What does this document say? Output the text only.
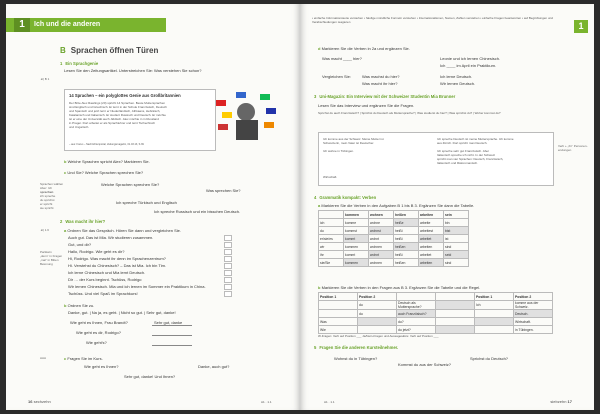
1	Ich und die anderen
B Sprachen öffnen Türen
1 Ein Sprachgenie
Lesen Sie den Zeitungsartikel. Unterstreichen Sie: Was verstehen Sie schon?
◄) B 1
14 Sprachen – ein polyglottes Genie aus Großbritannien
Der Brite Alex Rawlings (20) spricht 14 Sprachen. Beste Muttersprachen
sind Englisch und Griechisch. Er lernt in der Schule Französisch, Deutsch
und Spanisch und jetzt lernt er Niederländisch, Afrikaans, Hebräisch,
Katalanisch und Italienisch. Er studiert Russisch und Deutsch. Er möchte
ist er eine der Universität auch Jiddisch. Alex möchte in in Russland
in Prager. Dort arbeitet er als Sprachlehrer und lernt Tschechisch
und Ungarisch.
– aus: Focus – Nachrichtenportal, Zeitungsmagazin, 01.03.13, S.39
b Welche Sprachen spricht Alex? Markieren Sie.
c Und Sie? Welche Sprachen sprechen Sie?
Sprachen wählen
Aber: Ich
sprechen
ich spreche
du sprichst
er spricht
sie spricht
Welche Sprachen sprechen Sie?
Was sprechen Sie?
Ich spreche Türkisch und Englisch
Ich spreche Russisch und ein bisschen Deutsch.
2 Was macht ihr hier?
◄) 1.6	a Ordnen Sie das Gespräch. Hören Sie dann und vergleichen Sie.
Auch gut. Das ist Mia. Wir studieren zusammen.
Gut, und dir?
Hallo, Rodrigo. Wie geht es dir?
Hi, Rodrigo. Was macht ihr denn im Sprachenzentrum?
Hi. Verstehst du Chinesisch? – Das ist Mia. Ich bin Tim.
Ich lerne Chinesisch und Mia lernt Deutsch.
Dir … der Kurs beginnt. Tschüss, Rodrigo
Wir lernen Chinesisch. Mia und ich lernen im Sommer ein Praktikum in China.
Tschüss. Und viel Spaß im Sprachkurs!
Partikeln
„denn“ in Fragen
„mal“ in Bitten
Betonung
b Ordnen Sie zu.
Danke, gut. | Na ja, es geht. | Nicht so gut. | Sehr gut, danke!
Wie geht es Ihnen, Frau Brandt?	Sehr gut, danke
Wie geht es dir, Rodrigo?
Wie geht's?
AAA	c Fragen Sie im Kurs.
Wie geht es Ihnen?	Danke, auch gut?
Sehr gut, danke! Und Ihnen?
16 sechzehn	A1 · 1.1
• einfache Informationstexte verstehen • häufige mündliche Formeln verstehen • Internationalismen, Namen, Zahlen verstehen • einfache Fragen beantworten • auf Begrüßungen und Verabschiedungen reagieren	1
d Markieren Sie die Verben in 2a und ergänzen Sie.
Was macht ____ hier?	Leonie und ich lernen Chinesisch.
Ich ____ im April ein Praktikum.
Vergleichen Sie:	Was machst du hier?	Ich lerne Deutsch.
Was macht ihr hier?	Wir lernen Deutsch.
3 Uni-Magazin: Ein Interview mit der Schweizer Studentin Mia Brunner
Lesen Sie das Interview und ergänzen Sie die Fragen.
Sprichst du auch Französisch? | Sprichst du Deutsch als Muttersprache? | Was studierst du hier? | Was sprichst du? | Woher kommst du?
Ich komme aus der Schweiz. Meine Mutter ist
Schweizerin, mein Vater ist Deutscher.
Ich wohne in Tübingen.
Wirtschaft.
Ich spreche Deutsch ist meine Muttersprache. Ich komme
aus Zürich. Dort spricht man Deutsch.
Ich spreche sehr gut Französisch. Aber
Italienisch spreche ich nicht. In der Schweiz
spricht man vier Sprachen: Deutsch, Französisch,
Italienisch und Rätoromanisch.
Verb + „ihr“ Personen-
endungen
4 Grammatik kompakt: Verben
a Markieren Sie die Verben in den Aufgaben B 1 bis B 3. Ergänzen Sie dann die Tabelle.
	kommen	wohnen	heißen	arbeiten	sein
ich	komme	wohne	heiße	arbeite	bin
du	kommst	wohnst	heißt	arbeitest	bist
er/sie/es	kommt	wohnt	heißt	arbeitet	ist
wir	kommen	wohnen	heißen	arbeiten	sind
ihr	kommt	wohnt	heißt	arbeitet	seid
sie/Sie	kommen	wohnen	heißen	arbeiten	sind
b Markieren Sie die Verben in den Fragen aus B 3. Ergänzen Sie die Tabelle und die Regel.
Position 1	Position 2			Position 1	Position 2
	du	Deutsch als Muttersprache?		Ich	komme aus der Schweiz.
	du	auch Französisch?			Deutsch.
Was		du?			Wirtschaft.
Wie		du jetzt?			in Tübingen.
W-Fragen: Verb auf Position ___ Ja/Nein-Fragen und Aussagesätze: Verb auf Position ___
5 Fragen Sie die anderen Kursteilnehmer.
Wohnst du in Tübingen?
Kommst du aus der Schweiz?
Sprichst du Deutsch?
A1 · 1.1	siebzehn 17
